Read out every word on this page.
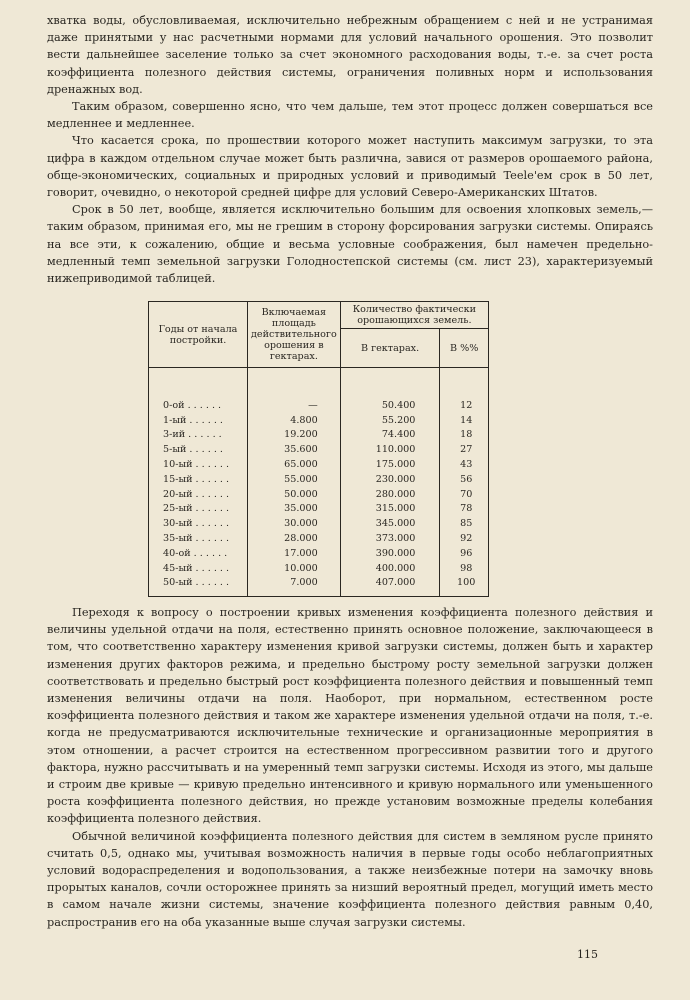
хватка воды, обусловливаемая, исключительно небрежным обращением с ней и не устранимая даже принятыми у нас расчетными нормами для условий начального орошения. Это позволит вести дальнейшее заселение только за счет экономного расходования воды, т.-е. за счет роста коэффициента полезного действия системы, ограничения поливных норм и использования дренажных вод.

Таким образом, совершенно ясно, что чем дальше, тем этот процесс должен совершаться все медленнее и медленнее.

Что касается срока, по прошествии которого может наступить максимум загрузки, то эта цифра в каждом отдельном случае может быть различна, завися от размеров орошаемого района, обще-экономических, социальных и природных условий и приводимый Teele'ем срок в 50 лет, говорит, очевидно, о некоторой средней цифре для условий Северо-Американских Штатов.

Срок в 50 лет, вообще, является исключительно большим для освоения хлопковых земель,—таким образом, принимая его, мы не грешим в сторону форсирования загрузки системы. Опираясь на все эти, к сожалению, общие и весьма условные соображения, был намечен предельно-медленный темп земельной загрузки Голодностепской системы (см. лист 23), характеризуемый нижеприводимой таблицей.

Годы от начала постройки.	Включаемая площадь действительного орошения в гектарах.	Количество фактически орошающихся земель.	
		В гектарах.	В %%
0-ой . . . . . .	—	50.400	12
1-ый . . . . . .	4.800	55.200	14
3-ий . . . . . .	19.200	74.400	18
5-ый . . . . . .	35.600	110.000	27
10-ый . . . . . .	65.000	175.000	43
15-ый . . . . . .	55.000	230.000	56
20-ый . . . . . .	50.000	280.000	70
25-ый . . . . . .	35.000	315.000	78
30-ый . . . . . .	30.000	345.000	85
35-ый . . . . . .	28.000	373.000	92
40-ой . . . . . .	17.000	390.000	96
45-ый . . . . . .	10.000	400.000	98
50-ый . . . . . .	7.000	407.000	100

Переходя к вопросу о построении кривых изменения коэффициента полезного действия и величины удельной отдачи на поля, естественно принять основное положение, заключающееся в том, что соответственно характеру изменения кривой загрузки системы, должен быть и характер изменения других факторов режима, и предельно быстрому росту земельной загрузки должен соответствовать и предельно быстрый рост коэффициента полезного действия и повышенный темп изменения величины отдачи на поля. Наоборот, при нормальном, естественном росте коэффициента полезного действия и таком же характере изменения удельной отдачи на поля, т.-е. когда не предусматриваются исключительные технические и организационные мероприятия в этом отношении, а расчет строится на естественном прогрессивном развитии того и другого фактора, нужно рассчитывать и на умеренный темп загрузки системы. Исходя из этого, мы дальше и строим две кривые — кривую предельно интенсивного и кривую нормального или уменьшенного роста коэффициента полезного действия, но прежде установим возможные пределы колебания коэффициента полезного действия.

Обычной величиной коэффициента полезного действия для систем в земляном русле принято считать 0,5, однако мы, учитывая возможность наличия в первые годы особо неблагоприятных условий водораспределения и водопользования, а также неизбежные потери на замочку вновь прорытых каналов, сочли осторожнее принять за низший вероятный предел, могущий иметь место в самом начале жизни системы, значение коэффициента полезного действия равным 0,40, распространив его на оба указанные выше случая загрузки системы.

115
